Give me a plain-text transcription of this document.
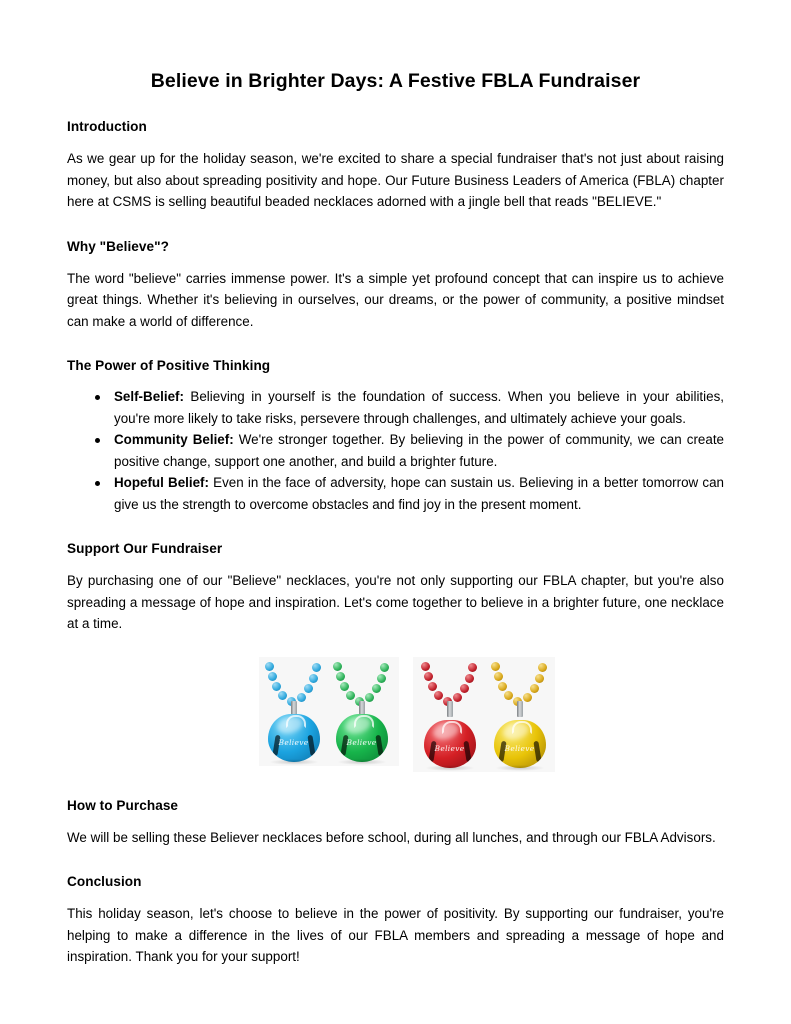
Believe in Brighter Days: A Festive FBLA Fundraiser
Introduction

As we gear up for the holiday season, we're excited to share a special fundraiser that's not just about raising money, but also about spreading positivity and hope. Our Future Business Leaders of America (FBLA) chapter here at CSMS is selling beautiful beaded necklaces adorned with a jingle bell that reads "BELIEVE."

Why "Believe"?

The word "believe" carries immense power. It's a simple yet profound concept that can inspire us to achieve great things. Whether it's believing in ourselves, our dreams, or the power of community, a positive mindset can make a world of difference.

The Power of Positive Thinking
Self-Belief: Believing in yourself is the foundation of success. When you believe in your abilities, you're more likely to take risks, persevere through challenges, and ultimately achieve your goals.
Community Belief: We're stronger together. By believing in the power of community, we can create positive change, support one another, and build a brighter future.
Hopeful Belief: Even in the face of adversity, hope can sustain us. Believing in a better tomorrow can give us the strength to overcome obstacles and find joy in the present moment.
Support Our Fundraiser

By purchasing one of our "Believe" necklaces, you're not only supporting our FBLA chapter, but you're also spreading a message of hope and inspiration. Let's come together to believe in a brighter future, one necklace at a time.

Believe	Believe
Believe	Believe
How to Purchase

We will be selling these Believer necklaces before school, during all lunches, and through our FBLA Advisors.

Conclusion

This holiday season, let's choose to believe in the power of positivity. By supporting our fundraiser, you're helping to make a difference in the lives of our FBLA members and spreading a message of hope and inspiration. Thank you for your support!
